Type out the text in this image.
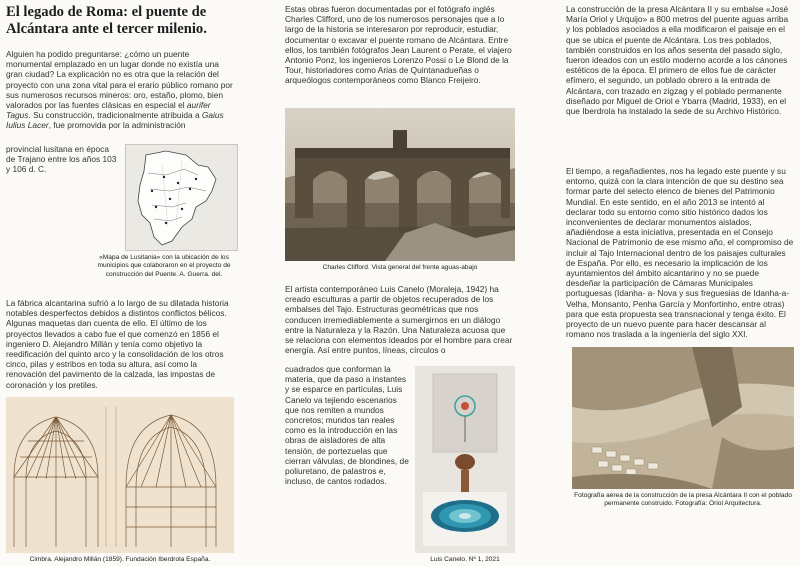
El legado de Roma: el puente de Alcántara ante el tercer milenio.

Alguien ha podido preguntarse: ¿cómo un puente monumental emplazado en un lugar donde no existía una gran ciudad? La explicación no es otra que la relación del proyecto con una zona vital para el erario público romano por sus numerosos recursos mineros: oro, estaño, plomo, bien valorados por las fuentes clásicas en especial el aurifer Tagus. Su construcción, tradicionalmente atribuida a Gaius Iulius Lacer, fue promovida por la administración

provincial lusitana en época de Trajano entre los años 103 y 106 d. C.

«Mapa de Lusitania» con la ubicación de los municipios que colaboraron en el proyecto de construcción del Puente. A. Guerra. del.

La fábrica alcantarina sufrió a lo largo de su dilatada historia notables desperfectos debidos a distintos conflictos bélicos. Algunas maquetas dan cuenta de ello. El último de los proyectos llevados a cabo fue el que comenzó en 1856 el ingeniero D. Alejandro Millán y tenía como objetivo la reedificación del quinto arco y la consolidación de los otros cinco, pilas y estribos en toda su altura, así como la renovación del pavimento de la calzada, las impostas de coronación y los pretiles.

Cimbra. Alejandro Millán (1859). Fundación Iberdrola España.

Estas obras fueron documentadas por el fotógrafo inglés Charles Clifford, uno de los numerosos personajes que a lo largo de la historia se interesaron por reproducir, estudiar, documentar o excavar el puente romano de Alcántara. Entre ellos, los también fotógrafos Jean Laurent o Perate, el viajero Antonio Ponz, los ingenieros Lorenzo Possi o Le Blond de la Tour, historiadores como Arias de Quintanadueñas o arqueólogos contemporáneos como Blanco Freijeiro.

Charles Clifford. Vista general del frente aguas-abajo

El artista contemporáneo Luis Canelo (Moraleja, 1942) ha creado esculturas a partir de objetos recuperados de los embalses del Tajo. Estructuras geométricas que nos conducen irremediablemente a sumergirnos en un diálogo entre la Naturaleza y la Razón. Una Naturaleza acuosa que se relaciona con elementos ideados por el hombre para crear energía. Así entre puntos, líneas, círculos o

cuadrados que conforman la materia, que da paso a instantes y se esparce en partículas, Luis Canelo va tejiendo escenarios que nos remiten a mundos concretos; mundos tan reales como es la introducción en las obras de aisladores de alta tensión, de portezuelas que cierran válvulas, de blondines, de poliuretano, de palastros e, incluso, de cantos rodados.

Luis Canelo. Nº 1, 2021

La construcción de la presa Alcántara II y su embalse «José María Oriol y Urquijo» a 800 metros del puente aguas arriba y los poblados asociados a ella modificaron el paisaje en el que se ubica el puente de Alcántara. Los tres poblados, también construidos en los años sesenta del pasado siglo, fueron ideados con un estilo moderno acorde a los cánones estéticos de la época. El primero de ellos fue de carácter efímero, el segundo, un poblado obrero a la entrada de Alcántara, con trazado en zigzag y el poblado permanente diseñado por Miguel de Oriol e Ybarra (Madrid, 1933), en el que Iberdrola ha instalado la sede de su Archivo Histórico.

El tiempo, a regañadientes, nos ha legado este puente y su entorno, quizá con la clara intención de que su destino sea formar parte del selecto elenco de bienes del Patrimonio Mundial. En este sentido, en el año 2013 se intentó al declarar todo su entorno como sitio histórico dados los inconvenientes de declarar monumentos aislados, añadiéndose a esta iniciativa, presentada en el Consejo Nacional de Patrimonio de ese mismo año, el compromiso de incluir al Tajo Internacional dentro de los paisajes culturales de España. Por ello, es necesario la implicación de los ayuntamientos del ámbito alcantarino y no se puede desdeñar la participación de Cámaras Municipales portuguesas (Idanha- a- Nova y sus freguesias de Idanha-a-Velha, Monsanto, Penha García y Monfortinho, entre otras) para que esta propuesta sea transnacional y tenga éxito. El proyecto de un nuevo puente para hacer descansar al romano nos traslada a la ingeniería del siglo XXI.

Fotografía aérea de la construcción de la presa Alcántara II con el poblado permanente construido. Fotografía: Oriol Arquitectura.
